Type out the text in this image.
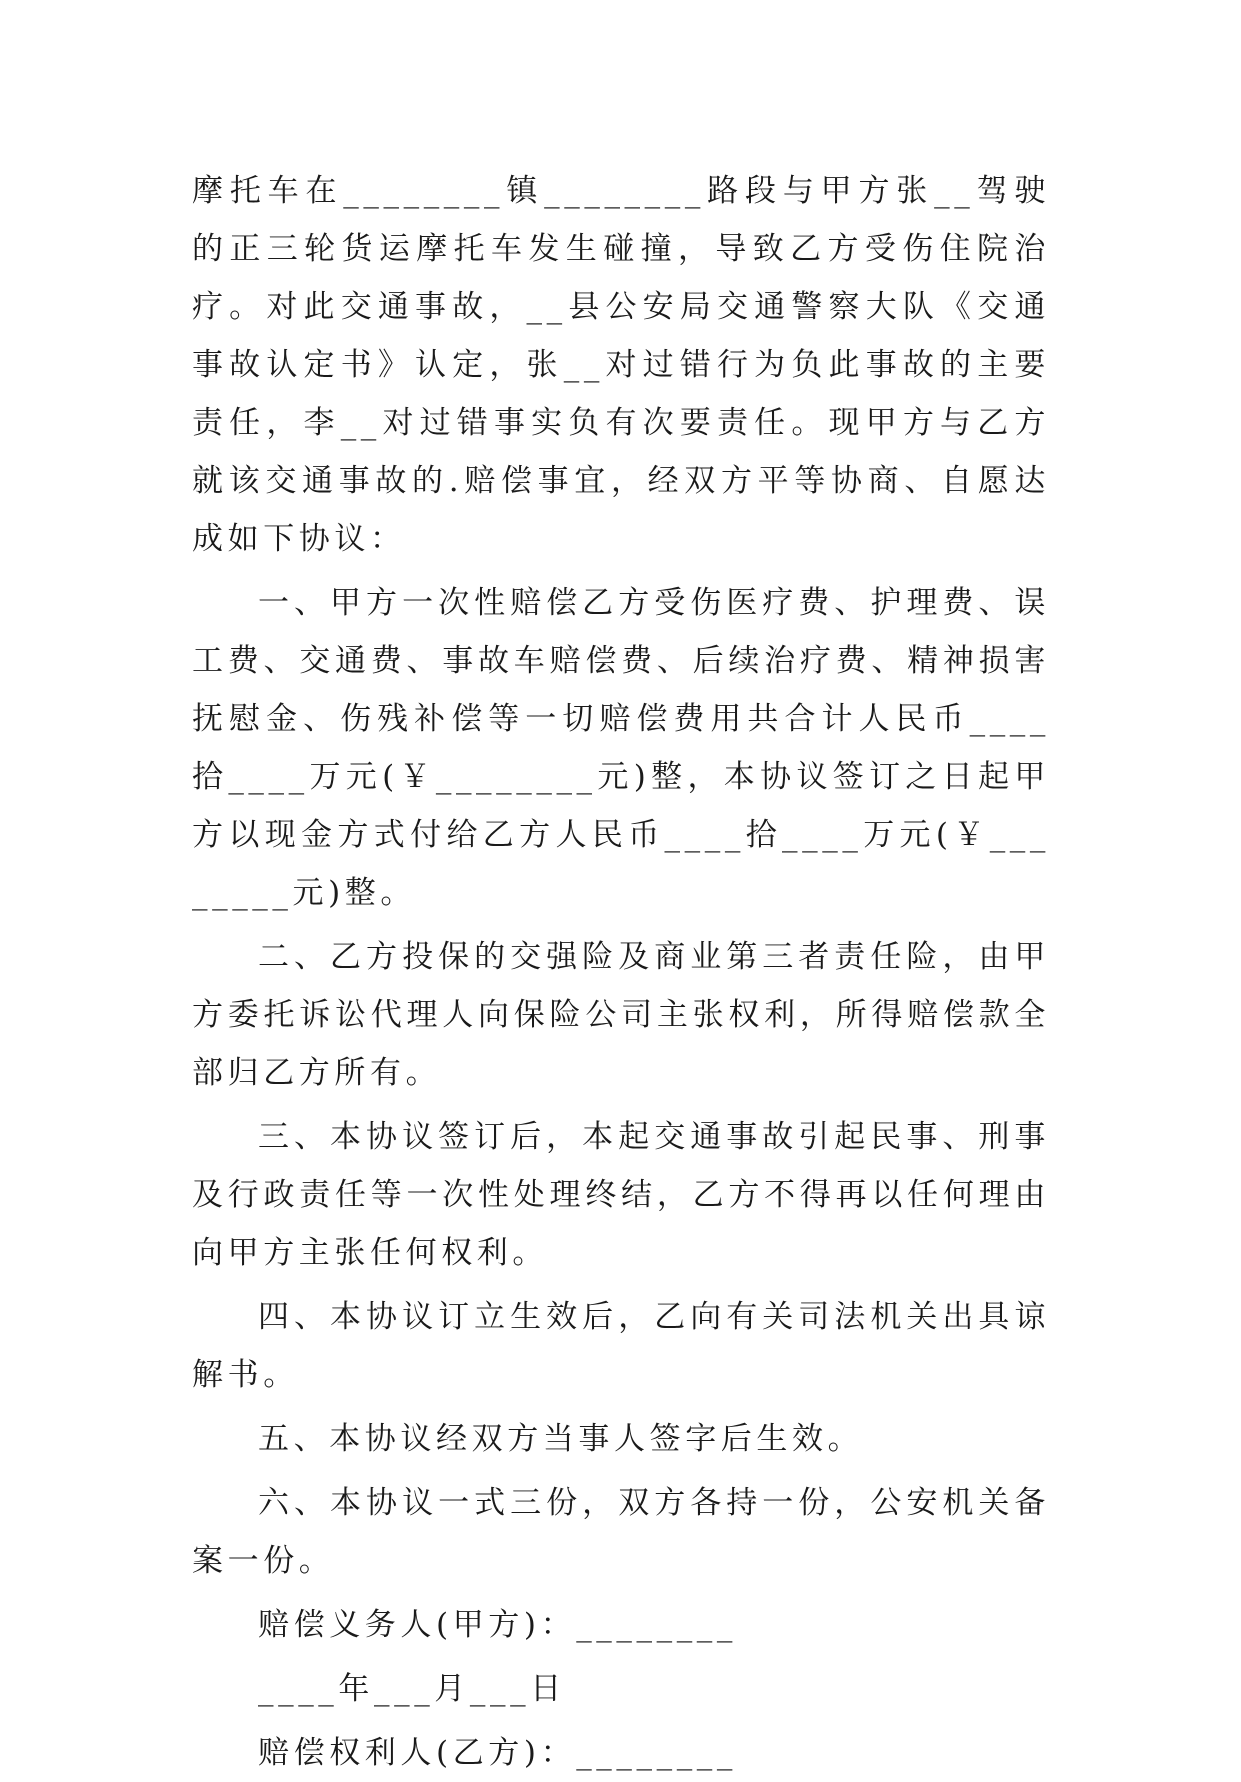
摩托车在________镇________路段与甲方张__驾驶的正三轮货运摩托车发生碰撞，导致乙方受伤住院治疗。对此交通事故，__县公安局交通警察大队《交通事故认定书》认定，张__对过错行为负此事故的主要责任，李__对过错事实负有次要责任。现甲方与乙方就该交通事故的.赔偿事宜，经双方平等协商、自愿达成如下协议：

一、甲方一次性赔偿乙方受伤医疗费、护理费、误工费、交通费、事故车赔偿费、后续治疗费、精神损害抚慰金、伤残补偿等一切赔偿费用共合计人民币____拾____万元(￥________元)整，本协议签订之日起甲方以现金方式付给乙方人民币____拾____万元(￥________元)整。

二、乙方投保的交强险及商业第三者责任险，由甲方委托诉讼代理人向保险公司主张权利，所得赔偿款全部归乙方所有。

三、本协议签订后，本起交通事故引起民事、刑事及行政责任等一次性处理终结，乙方不得再以任何理由向甲方主张任何权利。

四、本协议订立生效后，乙向有关司法机关出具谅解书。

五、本协议经双方当事人签字后生效。

六、本协议一式三份，双方各持一份，公安机关备案一份。

赔偿义务人(甲方)：________

____年___月___日

赔偿权利人(乙方)：________
